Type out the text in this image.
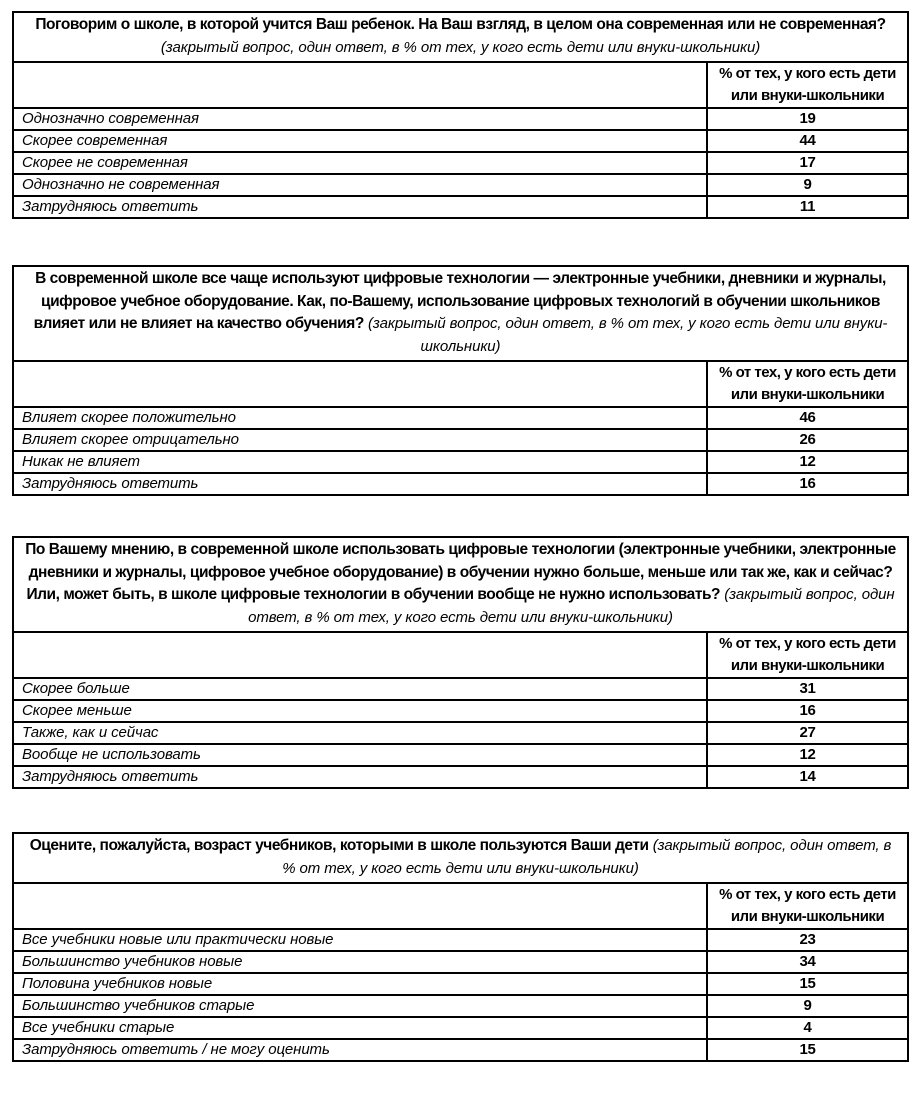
Поговорим о школе, в которой учится Ваш ребенок. На Ваш взгляд, в целом она современная или не современная? (закрытый вопрос, один ответ, в % от тех, у кого есть дети или внуки-школьники)	
	% от тех, у кого есть дети или внуки-школьники
Однозначно современная	19
Скорее современная	44
Скорее не современная	17
Однозначно не современная	9
Затрудняюсь ответить	11
В современной школе все чаще используют цифровые технологии — электронные учебники, дневники и журналы, цифровое учебное оборудование. Как, по-Вашему, использование цифровых технологий в обучении школьников влияет или не влияет на качество обучения? (закрытый вопрос, один ответ, в % от тех, у кого есть дети или внуки-школьники)	
	% от тех, у кого есть дети или внуки-школьники
Влияет скорее положительно	46
Влияет скорее отрицательно	26
Никак не влияет	12
Затрудняюсь ответить	16
По Вашему мнению, в современной школе использовать цифровые технологии (электронные учебники, электронные дневники и журналы, цифровое учебное оборудование) в обучении нужно больше, меньше или так же, как и сейчас? Или, может быть, в школе цифровые технологии в обучении вообще не нужно использовать? (закрытый вопрос, один ответ, в % от тех, у кого есть дети или внуки-школьники)	
	% от тех, у кого есть дети или внуки-школьники
Скорее больше	31
Скорее меньше	16
Также, как и сейчас	27
Вообще не использовать	12
Затрудняюсь ответить	14
Оцените, пожалуйста, возраст учебников, которыми в школе пользуются Ваши дети (закрытый вопрос, один ответ, в % от тех, у кого есть дети или внуки-школьники)	
	% от тех, у кого есть дети или внуки-школьники
Все учебники новые или практически новые	23
Большинство учебников новые	34
Половина учебников новые	15
Большинство учебников старые	9
Все учебники старые	4
Затрудняюсь ответить / не могу оценить	15
